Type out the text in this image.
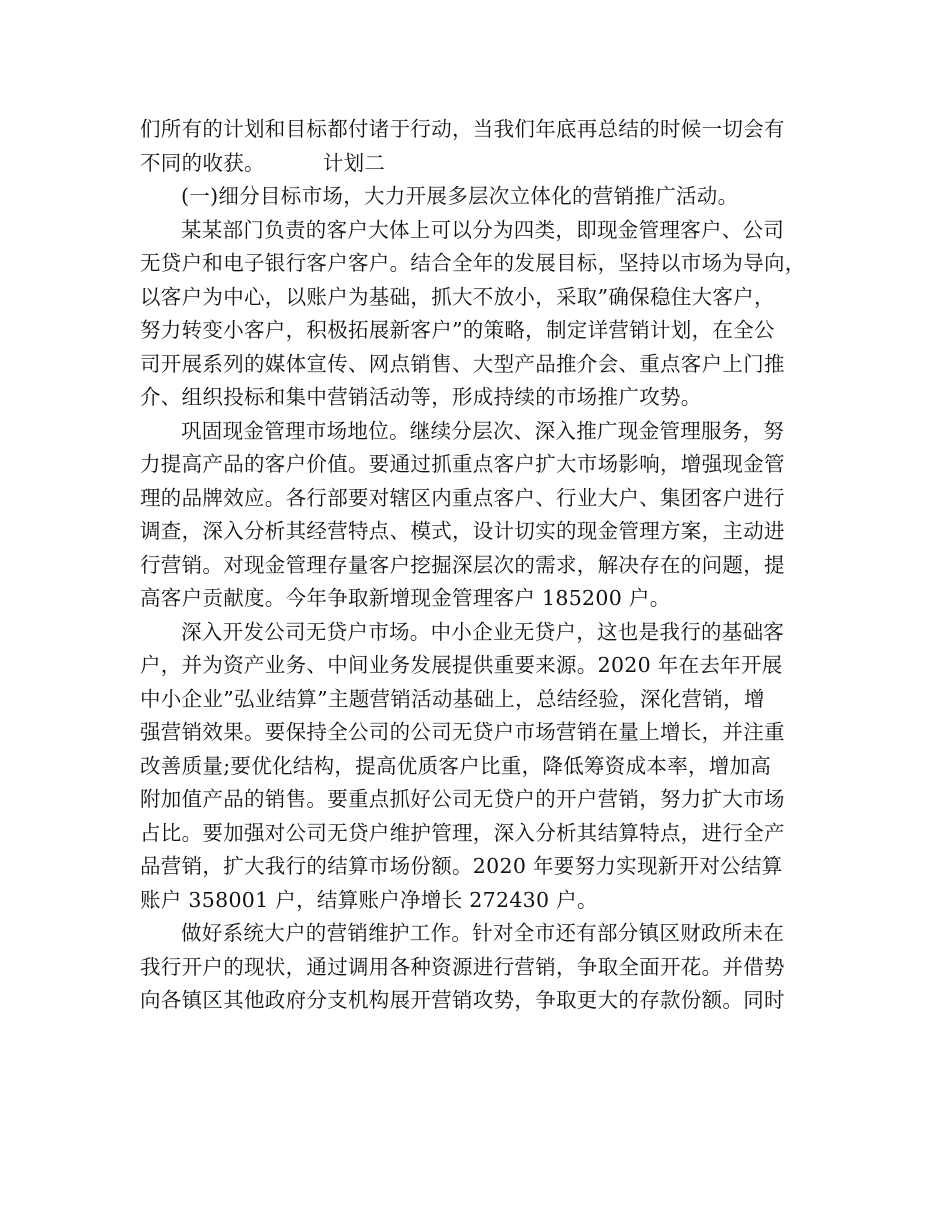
们所有的计划和目标都付诸于行动，当我们年底再总结的时候一切会有
不同的收获。	计划二
(一)细分目标市场，大力开展多层次立体化的营销推广活动。
某某部门负责的客户大体上可以分为四类，即现金管理客户、公司
无贷户和电子银行客户客户。结合全年的发展目标，坚持以市场为导向，
以客户为中心，以账户为基础，抓大不放小，采取”确保稳住大客户，
努力转变小客户，积极拓展新客户”的策略，制定详营销计划，在全公
司开展系列的媒体宣传、网点销售、大型产品推介会、重点客户上门推
介、组织投标和集中营销活动等，形成持续的市场推广攻势。
巩固现金管理市场地位。继续分层次、深入推广现金管理服务，努
力提高产品的客户价值。要通过抓重点客户扩大市场影响，增强现金管
理的品牌效应。各行部要对辖区内重点客户、行业大户、集团客户进行
调查，深入分析其经营特点、模式，设计切实的现金管理方案，主动进
行营销。对现金管理存量客户挖掘深层次的需求，解决存在的问题，提
高客户贡献度。今年争取新增现金管理客户 185200 户。
深入开发公司无贷户市场。中小企业无贷户，这也是我行的基础客
户，并为资产业务、中间业务发展提供重要来源。2020 年在去年开展
中小企业”弘业结算”主题营销活动基础上，总结经验，深化营销，增
强营销效果。要保持全公司的公司无贷户市场营销在量上增长，并注重
改善质量;要优化结构，提高优质客户比重，降低筹资成本率，增加高
附加值产品的销售。要重点抓好公司无贷户的开户营销，努力扩大市场
占比。要加强对公司无贷户维护管理，深入分析其结算特点，进行全产
品营销，扩大我行的结算市场份额。2020 年要努力实现新开对公结算
账户 358001 户，结算账户净增长 272430 户。
做好系统大户的营销维护工作。针对全市还有部分镇区财政所未在
我行开户的现状，通过调用各种资源进行营销，争取全面开花。并借势
向各镇区其他政府分支机构展开营销攻势，争取更大的存款份额。同时
